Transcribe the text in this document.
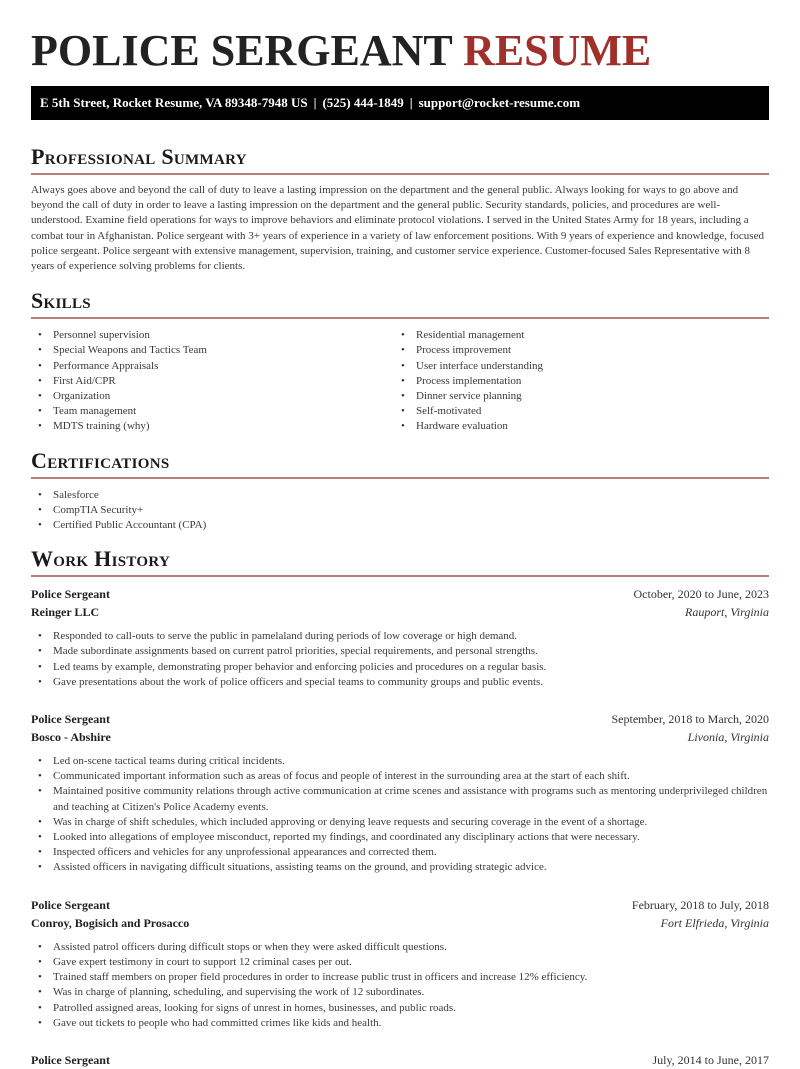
POLICE SERGEANT RESUME
E 5th Street, Rocket Resume, VA 89348-7948 US | (525) 444-1849 | support@rocket-resume.com
Professional Summary

Always goes above and beyond the call of duty to leave a lasting impression on the department and the general public. Always looking for ways to go above and beyond the call of duty in order to leave a lasting impression on the department and the general public. Security standards, policies, and procedures are well-understood. Examine field operations for ways to improve behaviors and eliminate protocol violations. I served in the United States Army for 18 years, including a combat tour in Afghanistan. Police sergeant with 3+ years of experience in a variety of law enforcement positions. With 9 years of experience and knowledge, focused police sergeant. Police sergeant with extensive management, supervision, training, and customer service experience. Customer-focused Sales Representative with 8 years of experience solving problems for clients.

Skills
• Personnel supervision
• Special Weapons and Tactics Team
• Performance Appraisals
• First Aid/CPR
• Organization
• Team management
• MDTS training (why)
• Residential management
• Process improvement
• User interface understanding
• Process implementation
• Dinner service planning
• Self-motivated
• Hardware evaluation
Certifications
• Salesforce
• CompTIA Security+
• Certified Public Accountant (CPA)
Work History
Police Sergeant	October, 2020 to June, 2023
Reinger LLC	Rauport, Virginia
• Responded to call-outs to serve the public in pamelaland during periods of low coverage or high demand.
• Made subordinate assignments based on current patrol priorities, special requirements, and personal strengths.
• Led teams by example, demonstrating proper behavior and enforcing policies and procedures on a regular basis.
• Gave presentations about the work of police officers and special teams to community groups and public events.
Police Sergeant	September, 2018 to March, 2020
Bosco - Abshire	Livonia, Virginia
• Led on-scene tactical teams during critical incidents.
• Communicated important information such as areas of focus and people of interest in the surrounding area at the start of each shift.
• Maintained positive community relations through active communication at crime scenes and assistance with programs such as mentoring underprivileged children and teaching at Citizen's Police Academy events.
• Was in charge of shift schedules, which included approving or denying leave requests and securing coverage in the event of a shortage.
• Looked into allegations of employee misconduct, reported my findings, and coordinated any disciplinary actions that were necessary.
• Inspected officers and vehicles for any unprofessional appearances and corrected them.
• Assisted officers in navigating difficult situations, assisting teams on the ground, and providing strategic advice.
Police Sergeant	February, 2018 to July, 2018
Conroy, Bogisich and Prosacco	Fort Elfrieda, Virginia
• Assisted patrol officers during difficult stops or when they were asked difficult questions.
• Gave expert testimony in court to support 12 criminal cases per out.
• Trained staff members on proper field procedures in order to increase public trust in officers and increase 12% efficiency.
• Was in charge of planning, scheduling, and supervising the work of 12 subordinates.
• Patrolled assigned areas, looking for signs of unrest in homes, businesses, and public roads.
• Gave out tickets to people who had committed crimes like kids and health.
Police Sergeant	July, 2014 to June, 2017
